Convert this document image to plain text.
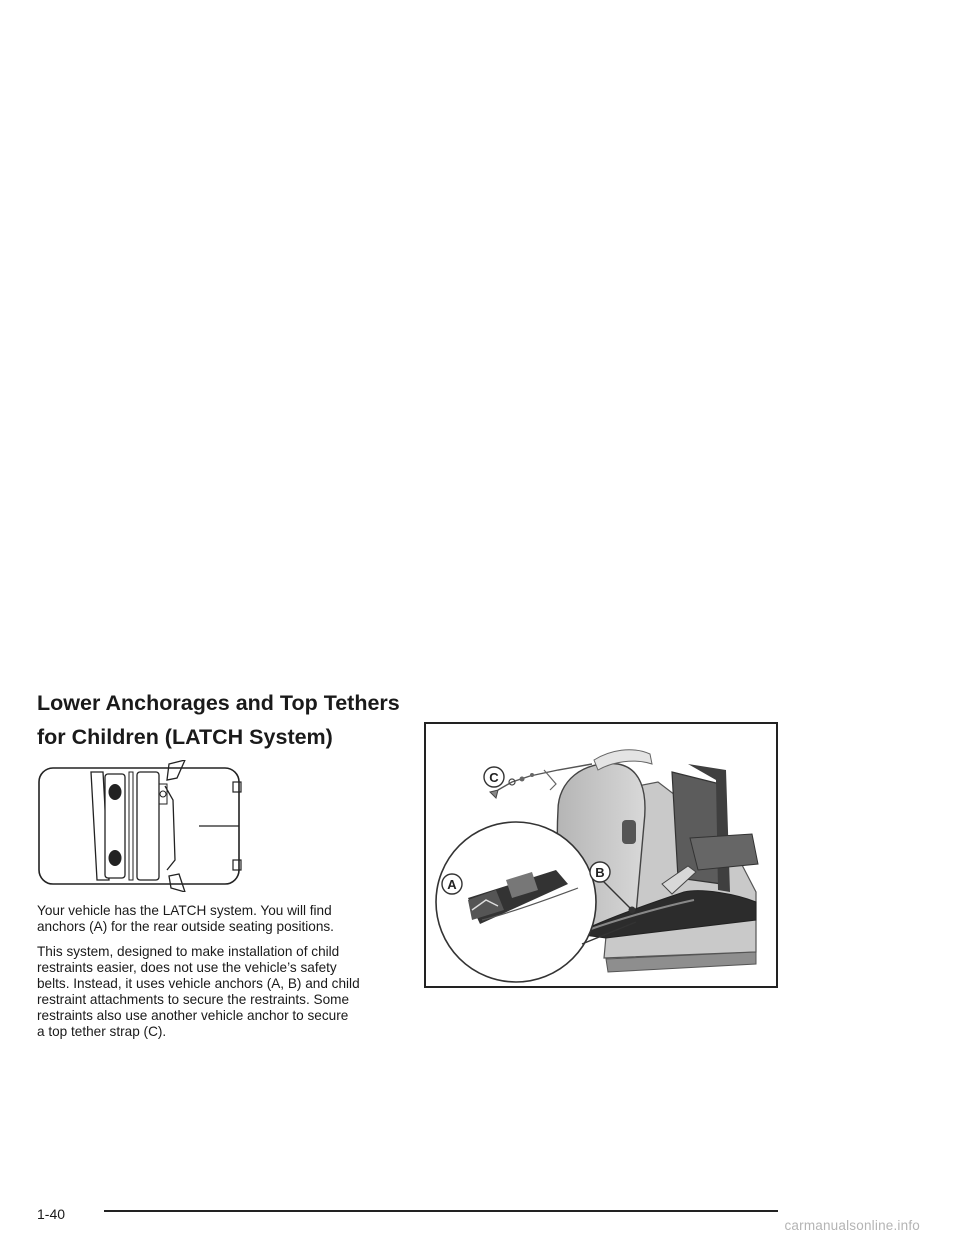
Lower Anchorages and Top Tethers for Children (LATCH System)

Your vehicle has the LATCH system. You will find
anchors (A) for the rear outside seating positions.

This system, designed to make installation of child
restraints easier, does not use the vehicle’s safety
belts. Instead, it uses vehicle anchors (A, B) and child
restraint attachments to secure the restraints. Some
restraints also use another vehicle anchor to secure
a top tether strap (C).

C
A
B
1-40
carmanualsonline.info
